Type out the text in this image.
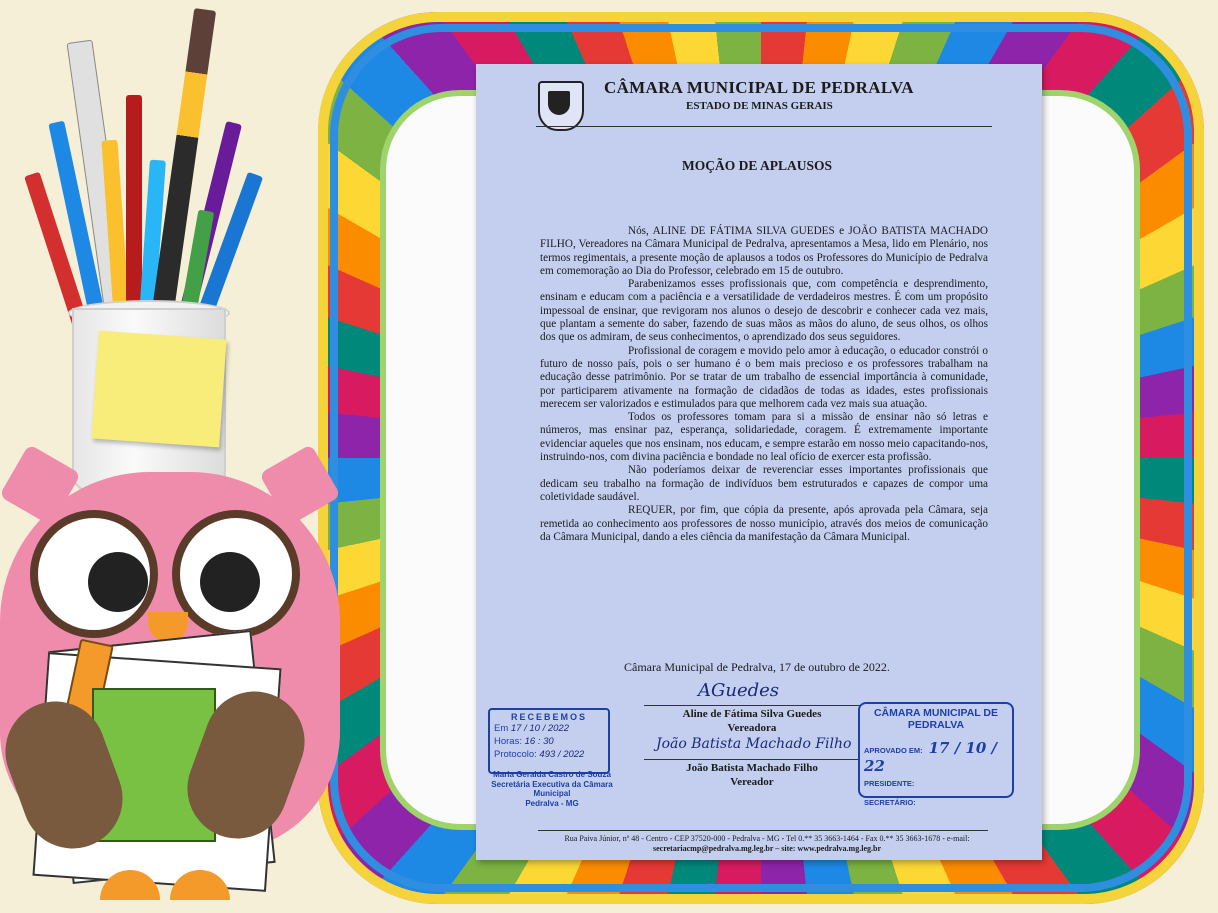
CÂMARA MUNICIPAL DE PEDRALVA
ESTADO DE MINAS GERAIS
MOÇÃO DE APLAUSOS

Nós, ALINE DE FÁTIMA SILVA GUEDES e JOÃO BATISTA MACHADO FILHO, Vereadores na Câmara Municipal de Pedralva, apresentamos a Mesa, lido em Plenário, nos termos regimentais, a presente moção de aplausos a todos os Professores do Município de Pedralva em comemoração ao Dia do Professor, celebrado em 15 de outubro.

Parabenizamos esses profissionais que, com competência e desprendimento, ensinam e educam com a paciência e a versatilidade de verdadeiros mestres. É com um propósito impessoal de ensinar, que revigoram nos alunos o desejo de descobrir e conhecer cada vez mais, que plantam a semente do saber, fazendo de suas mãos as mãos do aluno, de seus olhos, os olhos dos que os admiram, de seus conhecimentos, o aprendizado dos seus seguidores.

Profissional de coragem e movido pelo amor à educação, o educador constrói o futuro de nosso país, pois o ser humano é o bem mais precioso e os professores trabalham na educação desse patrimônio. Por se tratar de um trabalho de essencial importância à comunidade, por participarem ativamente na formação de cidadãos de todas as idades, estes profissionais merecem ser valorizados e estimulados para que melhorem cada vez mais sua atuação.

Todos os professores tomam para si a missão de ensinar não só letras e números, mas ensinar paz, esperança, solidariedade, coragem. É extremamente importante evidenciar aqueles que nos ensinam, nos educam, e sempre estarão em nosso meio capacitando-nos, instruindo-nos, com divina paciência e bondade no leal ofício de exercer esta profissão.

Não poderíamos deixar de reverenciar esses importantes profissionais que dedicam seu trabalho na formação de indivíduos bem estruturados e capazes de compor uma coletividade saudável.

REQUER, por fim, que cópia da presente, após aprovada pela Câmara, seja remetida ao conhecimento aos professores de nosso município, através dos meios de comunicação da Câmara Municipal, dando a eles ciência da manifestação da Câmara Municipal.

Câmara Municipal de Pedralva, 17 de outubro de 2022.
AGuedes
Aline de Fátima Silva Guedes
Vereadora
João Batista Machado Filho
João Batista Machado Filho
Vereador
RECEBEMOS
Em 17 / 10 / 2022
Horas: 16 : 30
Protocolo: 493 / 2022
Maria Geralda Castro de Souza
Secretária Executiva da Câmara Municipal
Pedralva - MG
CÂMARA MUNICIPAL DE PEDRALVA
APROVADO EM: 17 / 10 / 22
PRESIDENTE:
SECRETÁRIO:
Rua Paiva Júnior, nº 48 - Centro - CEP 37520-000 - Pedralva - MG - Tel 0.** 35 3663-1464 - Fax 0.** 35 3663-1678 - e-mail:
secretariacmp@pedralva.mg.leg.br – site: www.pedralva.mg.leg.br
